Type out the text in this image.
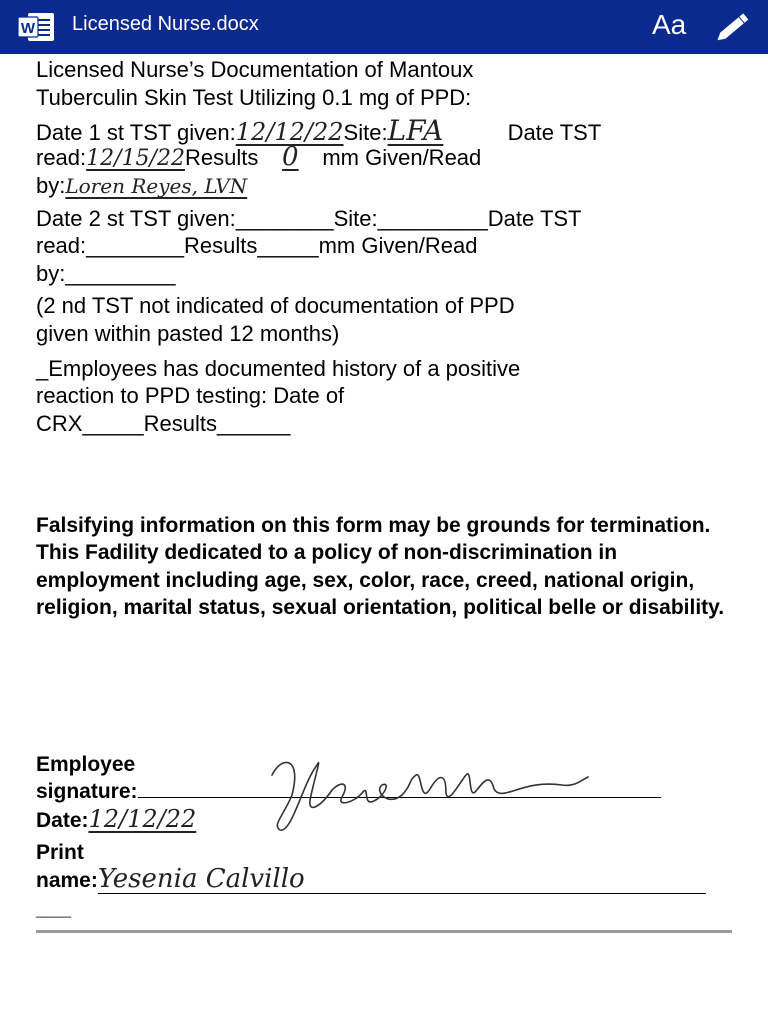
W Licensed Nurse.docx	Aa

Licensed Nurse’s Documentation of Mantoux

Tuberculin Skin Test Utilizing 0.1 mg of PPD:

Date 1 st TST given:12/12/22Site:LFA	Date TST
read:12/15/22Results 0 mm Given/Read
by:Loren Reyes, LVN
Date 2 st TST given:________Site:_________Date TST
read:________Results_____mm Given/Read
by:_________
(2 nd TST not indicated of documentation of PPD
given within pasted 12 months)
_Employees has documented history of a positive
reaction to PPD testing: Date of
CRX_____Results______
Falsifying information on this form may be grounds for termination. This Fadility dedicated to a policy of non-discrimination in employment including age, sex, color, race, creed, national origin, religion, marital status, sexual orientation, political belle or disability.
Employee
signature:
Date:12/12/22
Print
name:Yesenia Calvillo
___
